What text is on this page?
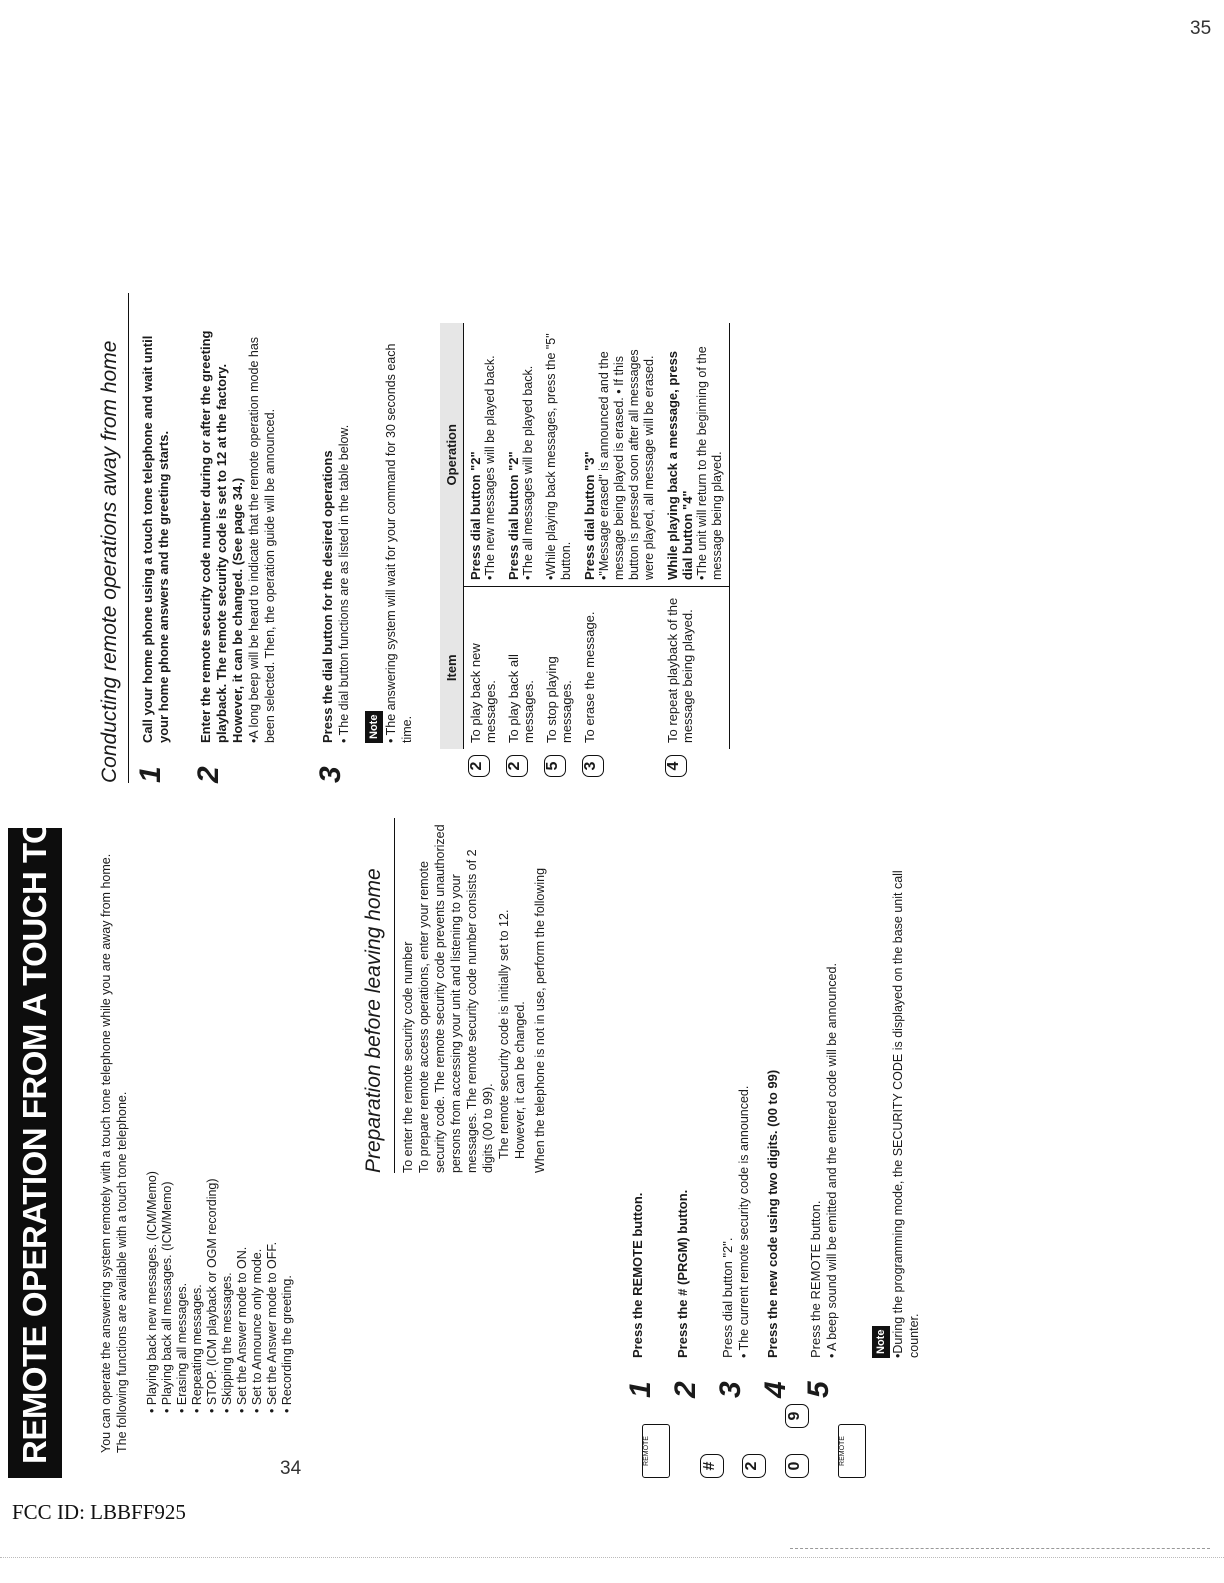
REMOTE OPERATION FROM A TOUCH TON
TELEPHONE
You can operate the answering system remotely with a touch tone telephone while you are away from home. The following functions are available with a touch tone telephone. • Playing back new messages. (ICM/Memo) • Playing back all messages. (ICM/Memo) • Erasing all messages. • Repeating messages. • STOP. (ICM playback or OGM recording) • Skipping the messages. • Set the Answer mode to ON. • Set to Announce only mode. • Set the Answer mode to OFF. • Recording the greeting.
Preparation before leaving home To enter the remote security code number To prepare remote access operations, enter your remote security code. The remote security code prevents unauthorized persons from accessing your unit and listening to your messages. The remote security code number consists of 2 digits (00 to 99). The remote security code is initially set to 12. However, it can be changed. When the telephone is not in use, perform the following

REMOTE
#	2	0
9
REMOTE
1
Press the REMOTE button.
2
Press the # (PRGM) button.
3
Press dial button "2". • The current remote security code is announced.
4
Press the new code using two digits. (00 to 99)
5
Press the REMOTE button. • A beep sound will be emitted and the entered code will be announced.	Note •During the programming mode, the SECURITY CODE is displayed on the base unit call counter.
Conducting remote operations away from home 1
Call your home phone using a touch tone telephone and wait until your home phone answers and the greeting starts.
2
Enter the remote security code number during or after the greeting playback. The remote security code is set to 12 at the factory. However, it can be changed. (See page 34.) •A long beep will be heard to indicate that the remote operation mode has been selected. Then, the operation guide will be announced.
3
Press the dial button for the desired operations • The dial button functions are as listed in the table below. Note • The answering system will wait for your command for 30 seconds each time.
	Item	Operation
2	To play back new messages.	Press dial button "2" •The new messages will be played back.

2	To play back all messages.	Press dial button "2" •The all messages will be played back.

5	To stop playing messages.	•While playing back messages, press the "5" button.

3	To erase the message.	Press dial button "3" •"Message erased" is announced and the message being played is erased. • If this button is pressed soon after all messages were played, all message will be erased.

4	To repeat playback of the message being played.	While playing back a message, press dial button "4" •The unit will return to the beginning of the message being played.
34
35
FCC ID: LBBFF925
